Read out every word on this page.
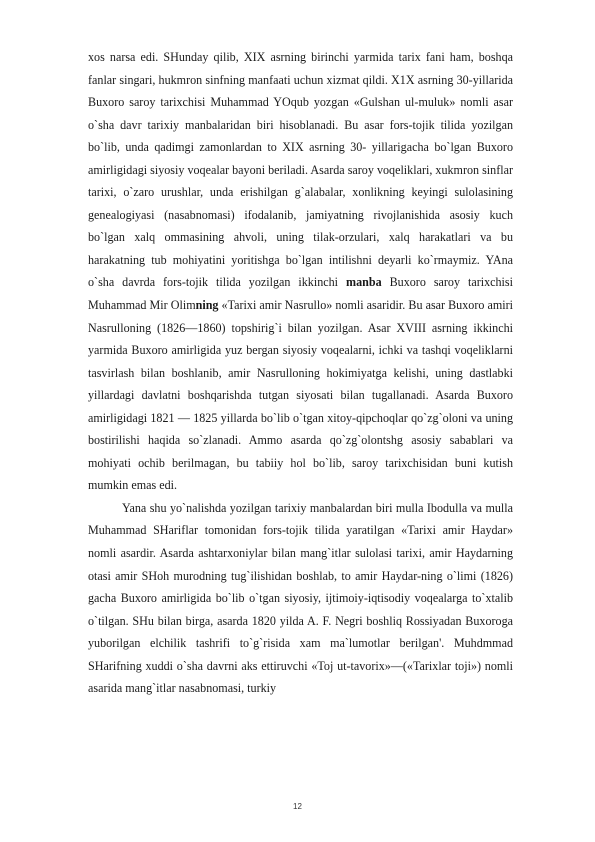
xos narsa edi. SHunday qilib, XIX asrning birinchi yarmida tarix fani ham, boshqa fanlar singari, hukmron sinfning manfaati uchun xizmat qildi. X1X asrning 30-yillarida Buxoro saroy tarixchisi Muhammad YOqub yozgan «Gulshan ul-muluk» nomli asar o`sha davr tarixiy manbalaridan biri hisoblanadi. Bu asar fors-tojik tilida yozilgan bo`lib, unda qadimgi zamonlardan to XIX asrning 30- yillarigacha bo`lgan Buxoro amirligidagi siyosiy voqealar bayoni beriladi. Asarda saroy voqeliklari, xukmron sinflar tarixi, o`zaro urushlar, unda erishilgan g`alabalar, xonlikning keyingi sulolasining genealogiyasi (nasabnomasi) ifodalanib, jamiyatning rivojlanishida asosiy kuch bo`lgan xalq ommasining ahvoli, uning tilak-orzulari, xalq harakatlari va bu harakatning tub mohiyatini yoritishga bo`lgan intilishni deyarli ko`rmaymiz. YAna o`sha davrda fors-tojik tilida yozilgan ikkinchi manba Buxoro saroy tarixchisi Muhammad Mir Olimning «Tarixi amir Nasrullo» nomli asaridir. Bu asar Buxoro amiri Nasrulloning (1826—1860) topshirig`i bilan yozilgan. Asar XVIII asrning ikkinchi yarmida Buxoro amirligida yuz bergan siyosiy voqealarni, ichki va tashqi voqeliklarni tasvirlash bilan boshlanib, amir Nasrulloning hokimiyatga kelishi, uning dastlabki yillardagi davlatni boshqarishda tutgan siyosati bilan tugallanadi. Asarda Buxoro amirligidagi 1821 — 1825 yillarda bo`lib o`tgan xitoy-qipchoqlar qo`zg`oloni va uning bostirilishi haqida so`zlanadi. Ammo asarda qo`zg`olontshg asosiy sabablari va mohiyati ochib berilmagan, bu tabiiy hol bo`lib, saroy tarixchisidan buni kutish mumkin emas edi.

Yana shu yo`nalishda yozilgan tarixiy manbalardan biri mulla Ibodulla va mulla Muhammad SHariflar tomonidan fors-tojik tilida yaratilgan «Tarixi amir Haydar» nomli asardir. Asarda ashtarxoniylar bilan mang`itlar sulolasi tarixi, amir Haydarning otasi amir SHoh murodning tug`ilishidan boshlab, to amir Haydar-ning o`limi (1826) gacha Buxoro amirligida bo`lib o`tgan siyosiy, ijtimoiy-iqtisodiy voqealarga to`xtalib o`tilgan. SHu bilan birga, asarda 1820 yilda A. F. Negri boshliq Rossiyadan Buxoroga yuborilgan elchilik tashrifi to`g`risida xam ma`lumotlar berilgan'. Muhdmmad SHarifning xuddi o`sha davrni aks ettiruvchi «Toj ut-tavorix»—(«Tarixlar toji») nomli asarida mang`itlar nasabnomasi, turkiy

12
